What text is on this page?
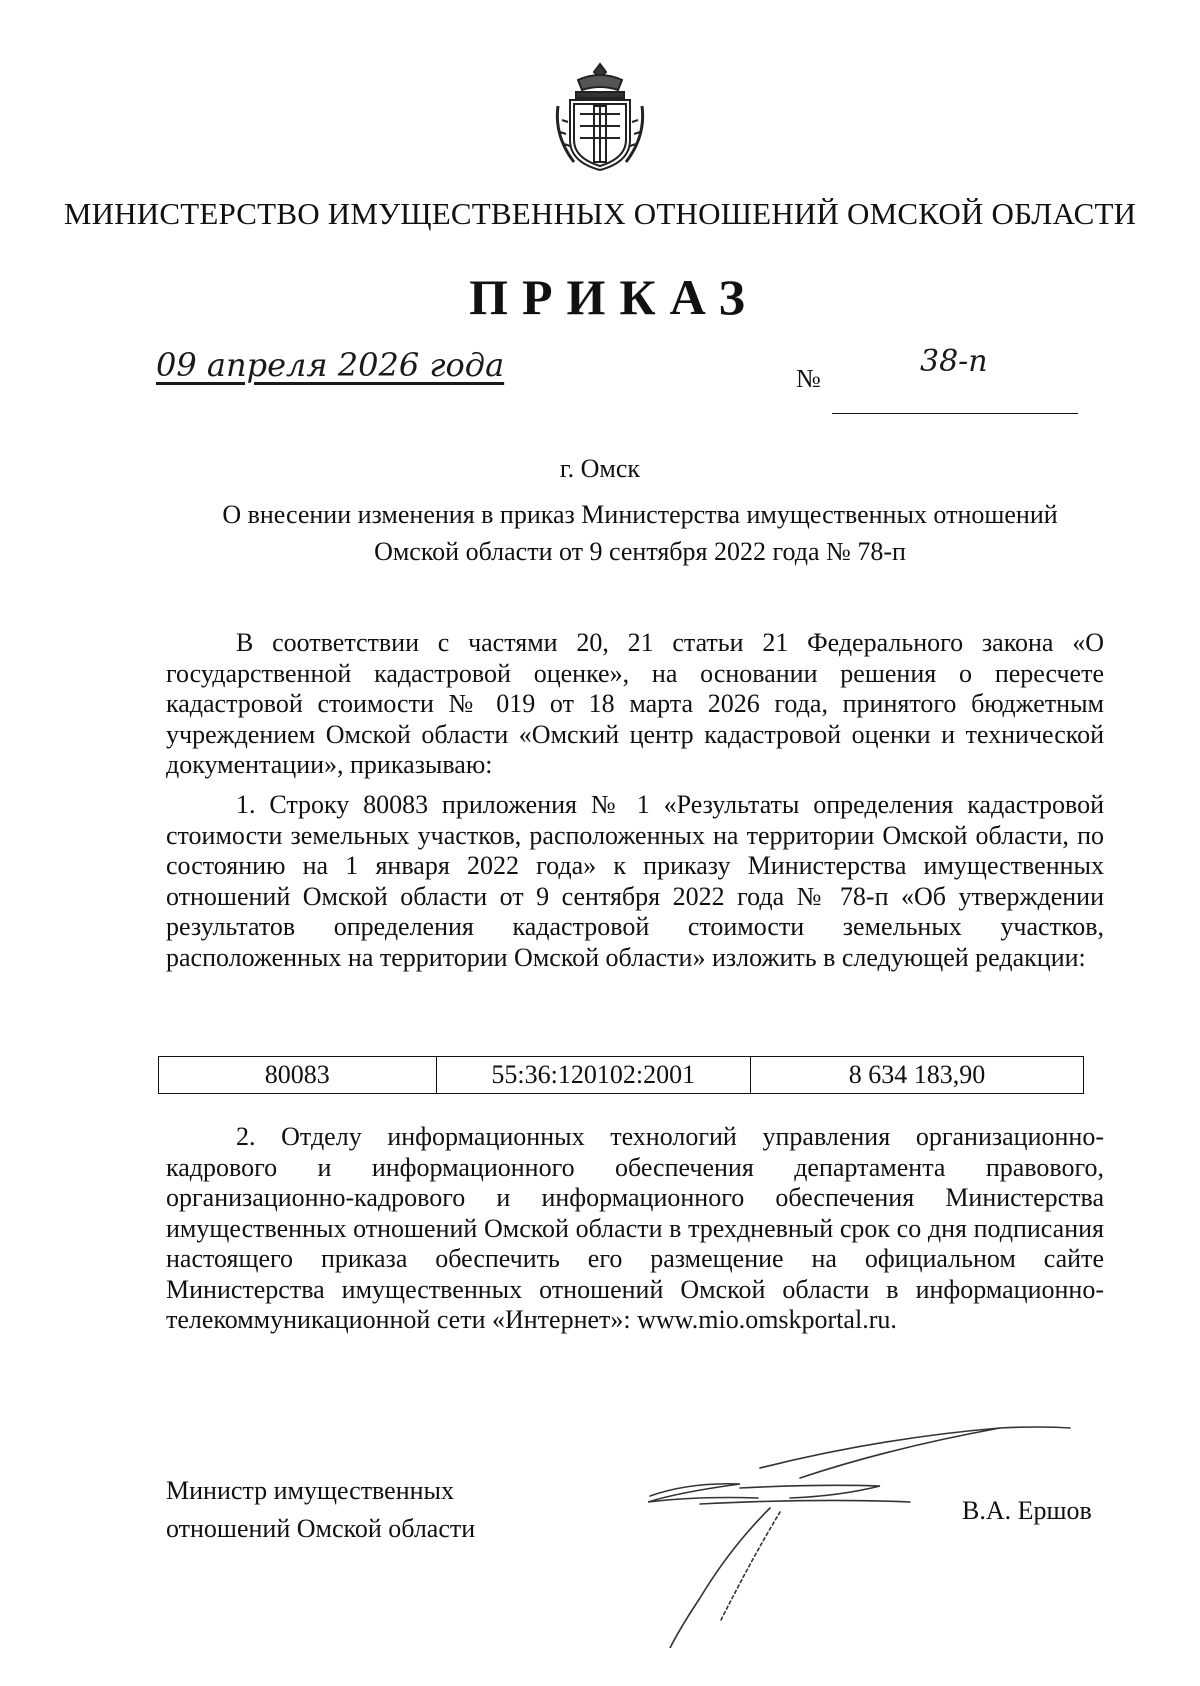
МИНИСТЕРСТВО ИМУЩЕСТВЕННЫХ ОТНОШЕНИЙ ОМСКОЙ ОБЛАСТИ
ПРИКАЗ
09 апреля 2026 года	№	38-п
г. Омск
О внесении изменения в приказ Министерства имущественных отношений
Омской области от 9 сентября 2022 года № 78-п

В соответствии с частями 20, 21 статьи 21 Федерального закона «О государственной кадастровой оценке», на основании решения о пересчете кадастровой стоимости № 019 от 18 марта 2026 года, принятого бюджетным учреждением Омской области «Омский центр кадастровой оценки и технической документации», приказываю:

1. Строку 80083 приложения № 1 «Результаты определения кадастровой стоимости земельных участков, расположенных на территории Омской области, по состоянию на 1 января 2022 года» к приказу Министерства имущественных отношений Омской области от 9 сентября 2022 года № 78-п «Об утверждении результатов определения кадастровой стоимости земельных участков, расположенных на территории Омской области» изложить в следующей редакции:

80083	55:36:120102:2001	8 634 183,90

2. Отделу информационных технологий управления организационно-кадрового и информационного обеспечения департамента правового, организационно-кадрового и информационного обеспечения Министерства имущественных отношений Омской области в трехдневный срок со дня подписания настоящего приказа обеспечить его размещение на официальном сайте Министерства имущественных отношений Омской области в информационно-телекоммуникационной сети «Интернет»: www.mio.omskportal.ru.

Министр имущественных
отношений Омской области
В.А. Ершов
